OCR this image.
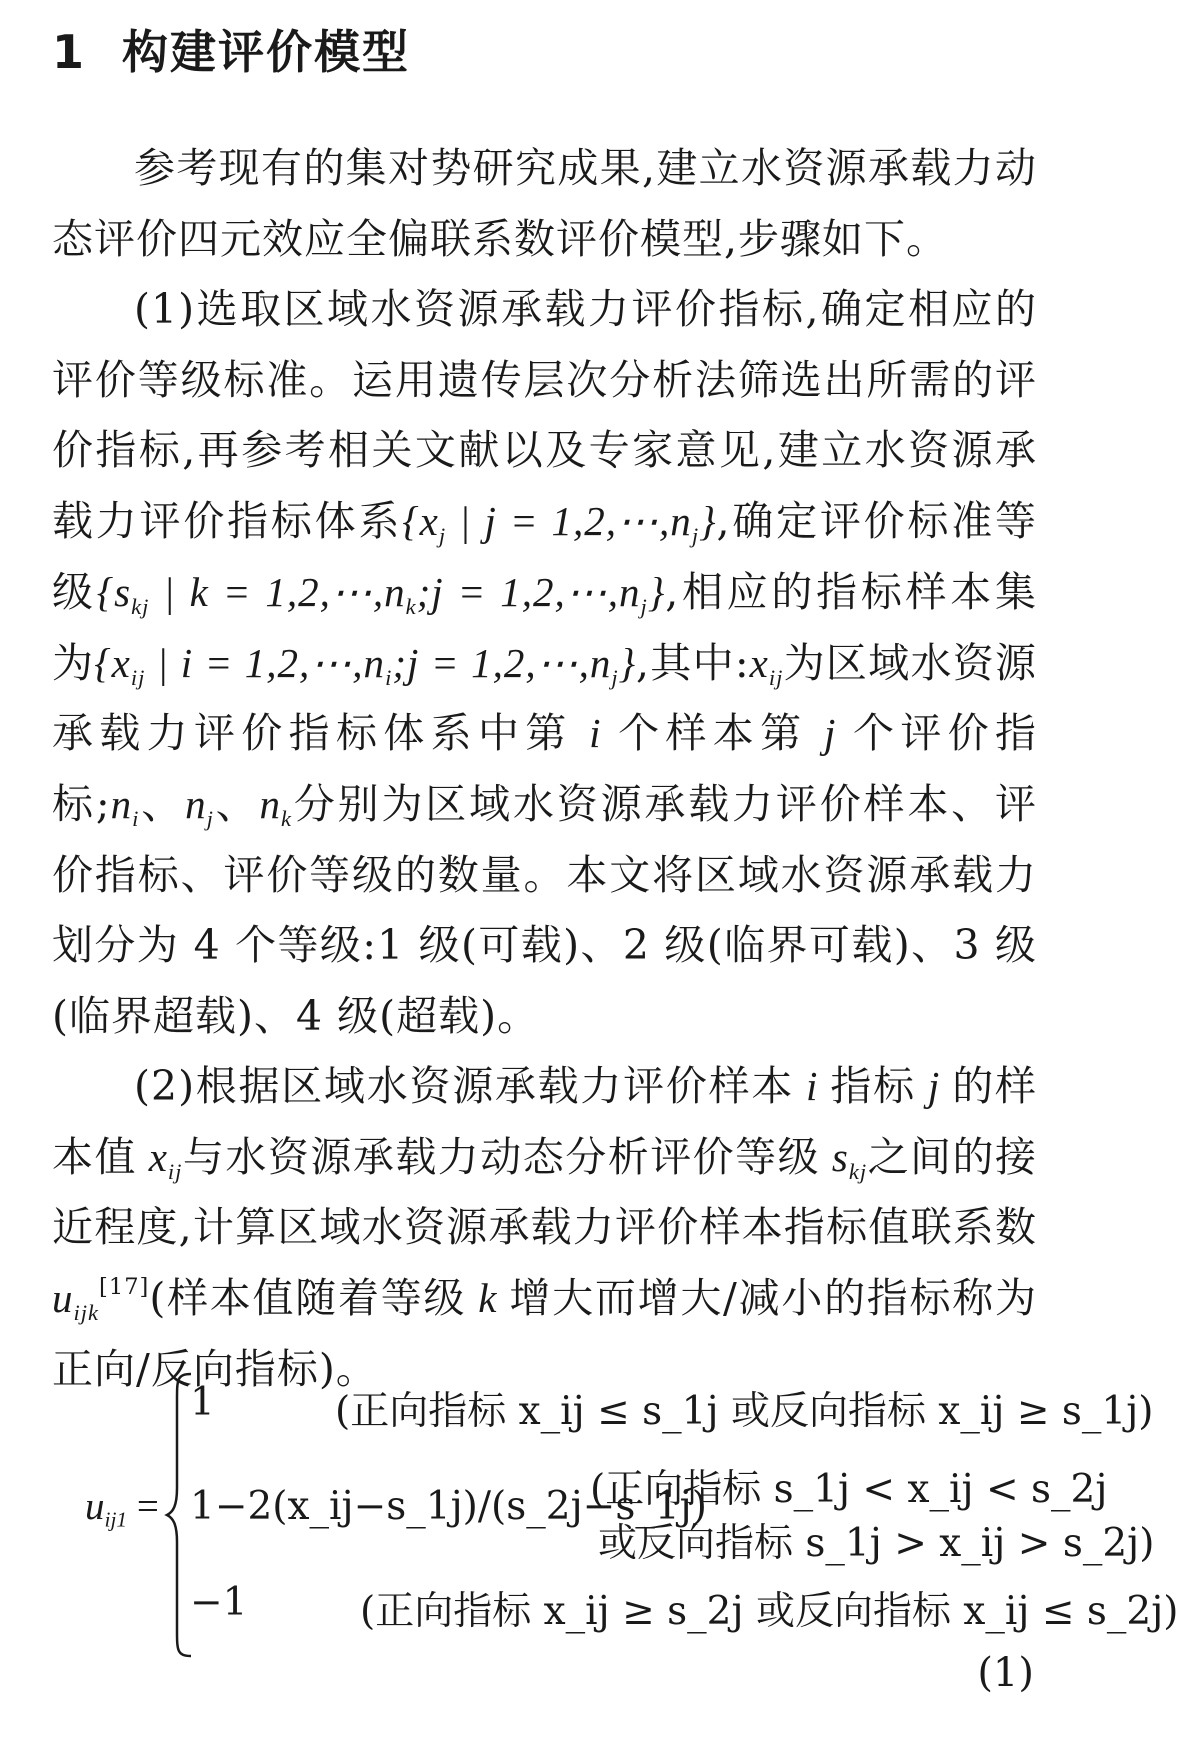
1 构建评价模型

参考现有的集对势研究成果,建立水资源承载力动态评价四元效应全偏联系数评价模型,步骤如下。

(1)选取区域水资源承载力评价指标,确定相应的评价等级标准。运用遗传层次分析法筛选出所需的评价指标,再参考相关文献以及专家意见,建立水资源承载力评价指标体系{$x_j$ | $j = 1,2,\cdots,n_j$},确定评价标准等级{$s_{kj}$ | $k = 1,2,\cdots,n_k;j$ = $1,2,\cdots,n_j$},相应的指标样本集为{$x_{ij}$ | $i = 1,2,\cdots,n_i;j$ = $1,2,\cdots,n_j$},其中$:x_{ij}$为区域水资源承载力评价指标体系中第 i 个样本第 j 个评价指标$;n_i$、$n_j$、$n_k$分别为区域水资源承载力评价样本、评价指标、评价等级的数量。本文将区域水资源承载力划分为 4 个等级:1 级(可载)、2 级(临界可载)、3 级(临界超载)、4 级(超载)。

(2)根据区域水资源承载力评价样本 i 指标 j 的样本值 $x_{ij}$与水资源承载力动态分析评价等级 $s_{kj}$之间的接近程度,计算区域水资源承载力评价样本指标值联系数 $u_{ijk}[17]$(样本值随着等级 k 增大而增大/减小的指标称为正向/反向指标)。

$u_{ij1}$ =
1	(正向指标 x_ij ≤ s_1j 或反向指标 x_ij ≥ s_1j)
1−2(x_ij−s_1j)/(s_2j−s_1j)
(正向指标 s_1j < x_ij < s_2j
或反向指标 s_1j > x_ij > s_2j)
−1	(正向指标 x_ij ≥ s_2j 或反向指标 x_ij ≤ s_2j)
(1)
